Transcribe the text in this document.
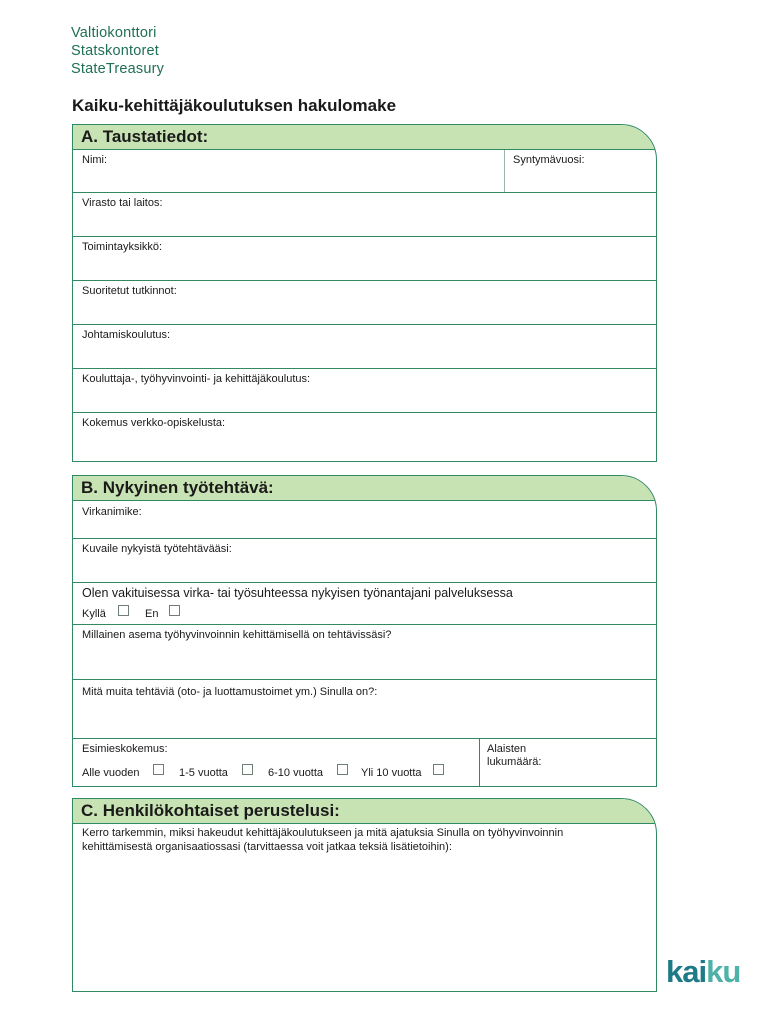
Valtiokonttori
Statskontoret
StateTreasury
Kaiku-kehittäjäkoulutuksen hakulomake
A. Taustatiedot:
Nimi:	Syntymävuosi:
Virasto tai laitos:
Toimintayksikkö:
Suoritetut tutkinnot:
Johtamiskoulutus:
Kouluttaja-, työhyvinvointi- ja kehittäjäkoulutus:
Kokemus verkko-opiskelusta:
B. Nykyinen työtehtävä:
Virkanimike:
Kuvaile nykyistä työtehtävääsi:
Olen vakituisessa virka- tai työsuhteessa nykyisen työnantajani palveluksessa
Kyllä	En
Millainen asema työhyvinvoinnin kehittämisellä on tehtävissäsi?
Mitä muita tehtäviä (oto- ja luottamustoimet ym.) Sinulla on?:
Esimieskokemus:
Alle vuoden	1-5 vuotta	6-10 vuotta	Yli 10 vuotta
Alaisten
lukumäärä:
C. Henkilökohtaiset perustelusi:
Kerro tarkemmin, miksi hakeudut kehittäjäkoulutukseen ja mitä ajatuksia Sinulla on työhyvinvoinnin
kehittämisestä organisaatiossasi (tarvittaessa voit jatkaa teksiä lisätietoihin):
kaiku
